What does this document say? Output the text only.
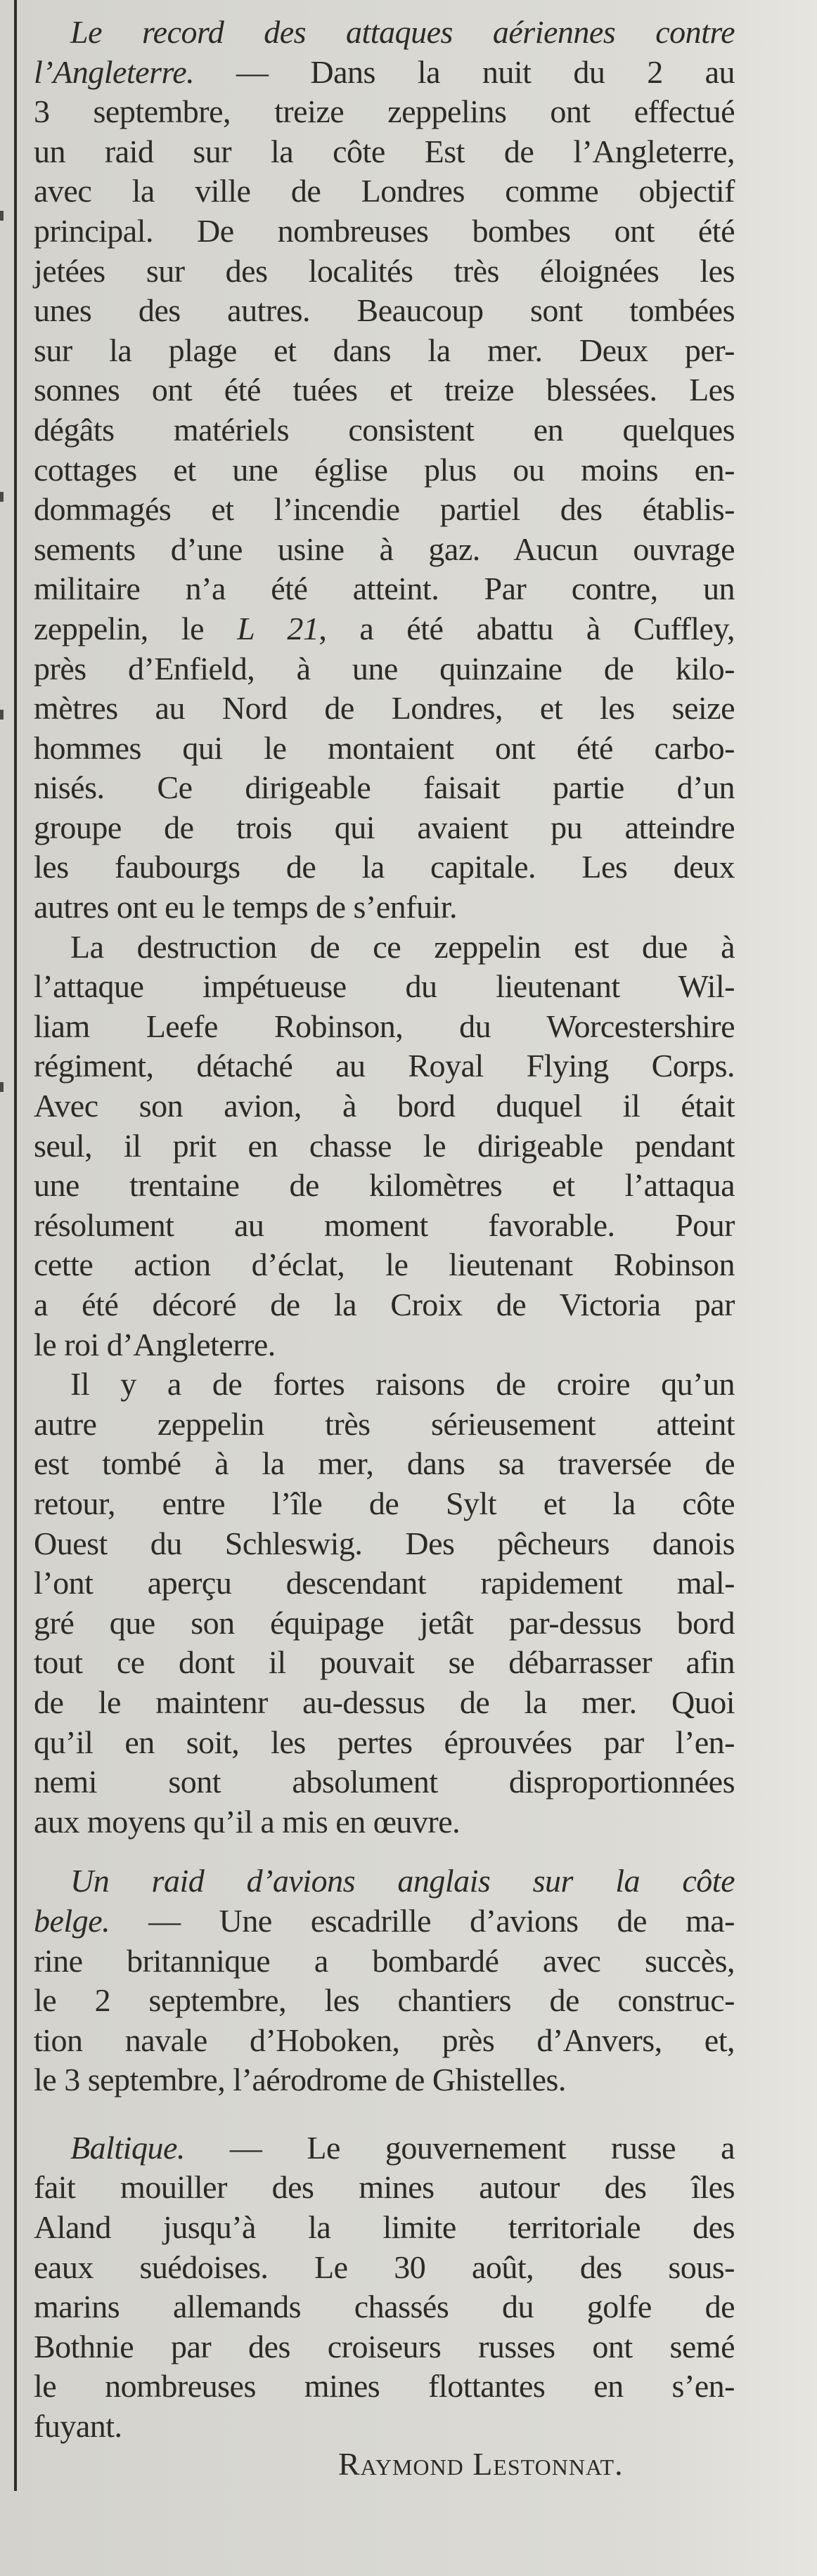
Le record des attaques aériennes contre
l’Angleterre. — Dans la nuit du 2 au
3 septembre, treize zeppelins ont effectué
un raid sur la côte Est de l’Angleterre,
avec la ville de Londres comme objectif
principal. De nombreuses bombes ont été
jetées sur des localités très éloignées les
unes des autres. Beaucoup sont tombées
sur la plage et dans la mer. Deux per-
sonnes ont été tuées et treize blessées. Les
dégâts matériels consistent en quelques
cottages et une église plus ou moins en-
dommagés et l’incendie partiel des établis-
sements d’une usine à gaz. Aucun ouvrage
militaire n’a été atteint. Par contre, un
zeppelin, le L 21, a été abattu à Cuffley,
près d’Enfield, à une quinzaine de kilo-
mètres au Nord de Londres, et les seize
hommes qui le montaient ont été carbo-
nisés. Ce dirigeable faisait partie d’un
groupe de trois qui avaient pu atteindre
les faubourgs de la capitale. Les deux
autres ont eu le temps de s’enfuir.
La destruction de ce zeppelin est due à
l’attaque impétueuse du lieutenant Wil-
liam Leefe Robinson, du Worcestershire
régiment, détaché au Royal Flying Corps.
Avec son avion, à bord duquel il était
seul, il prit en chasse le dirigeable pendant
une trentaine de kilomètres et l’attaqua
résolument au moment favorable. Pour
cette action d’éclat, le lieutenant Robinson
a été décoré de la Croix de Victoria par
le roi d’Angleterre.
Il y a de fortes raisons de croire qu’un
autre zeppelin très sérieusement atteint
est tombé à la mer, dans sa traversée de
retour, entre l’île de Sylt et la côte
Ouest du Schleswig. Des pêcheurs danois
l’ont aperçu descendant rapidement mal-
gré que son équipage jetât par-dessus bord
tout ce dont il pouvait se débarrasser afin
de le maintenr au-dessus de la mer. Quoi
qu’il en soit, les pertes éprouvées par l’en-
nemi sont absolument disproportionnées
aux moyens qu’il a mis en œuvre.
Un raid d’avions anglais sur la côte
belge. — Une escadrille d’avions de ma-
rine britannique a bombardé avec succès,
le 2 septembre, les chantiers de construc-
tion navale d’Hoboken, près d’Anvers, et,
le 3 septembre, l’aérodrome de Ghistelles.
Baltique. — Le gouvernement russe a
fait mouiller des mines autour des îles
Aland jusqu’à la limite territoriale des
eaux suédoises. Le 30 août, des sous-
marins allemands chassés du golfe de
Bothnie par des croiseurs russes ont semé
le nombreuses mines flottantes en s’en-
fuyant.
Raymond Lestonnat.
